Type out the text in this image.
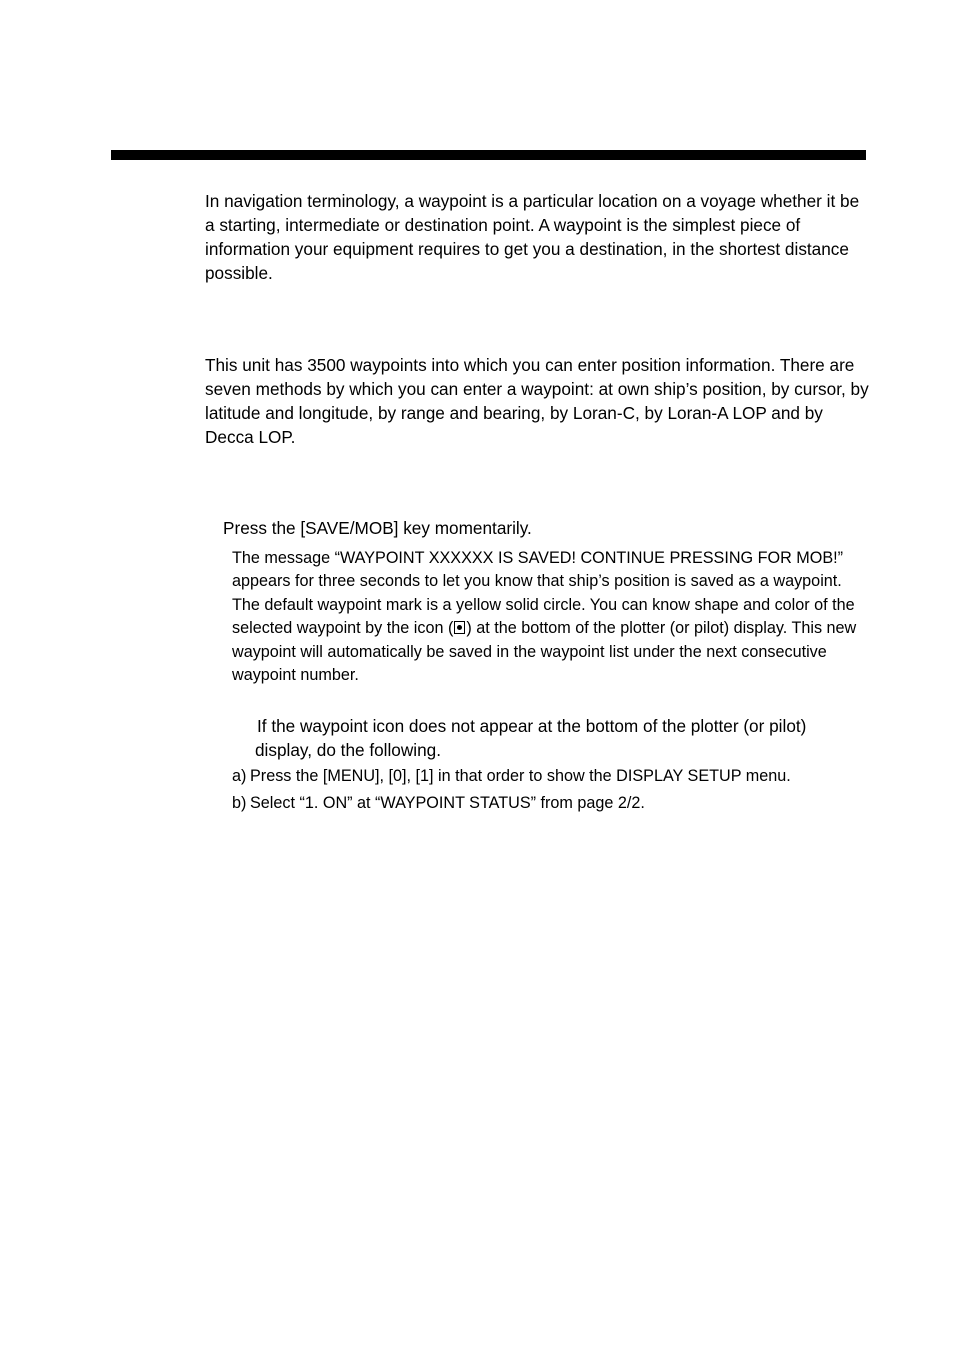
In navigation terminology, a waypoint is a particular location on a voyage whether it be a starting, intermediate or destination point. A waypoint is the simplest piece of information your equipment requires to get you a destination, in the shortest distance possible.

This unit has 3500 waypoints into which you can enter position information. There are seven methods by which you can enter a waypoint: at own ship’s position, by cursor, by latitude and longitude, by range and bearing, by Loran-C, by Loran-A LOP and by Decca LOP.

Press the [SAVE/MOB] key momentarily.

The message “WAYPOINT XXXXXX IS SAVED! CONTINUE PRESSING FOR MOB!” appears for three seconds to let you know that ship’s position is saved as a waypoint. The default waypoint mark is a yellow solid circle. You can know shape and color of the selected waypoint by the icon ( ) at the bottom of the plotter (or pilot) display. This new waypoint will automatically be saved in the waypoint list under the next consecutive waypoint number.

If the waypoint icon does not appear at the bottom of the plotter (or pilot) display, do the following.

a) Press the [MENU], [0], [1] in that order to show the DISPLAY SETUP menu.

b) Select “1. ON” at “WAYPOINT STATUS” from page 2/2.
